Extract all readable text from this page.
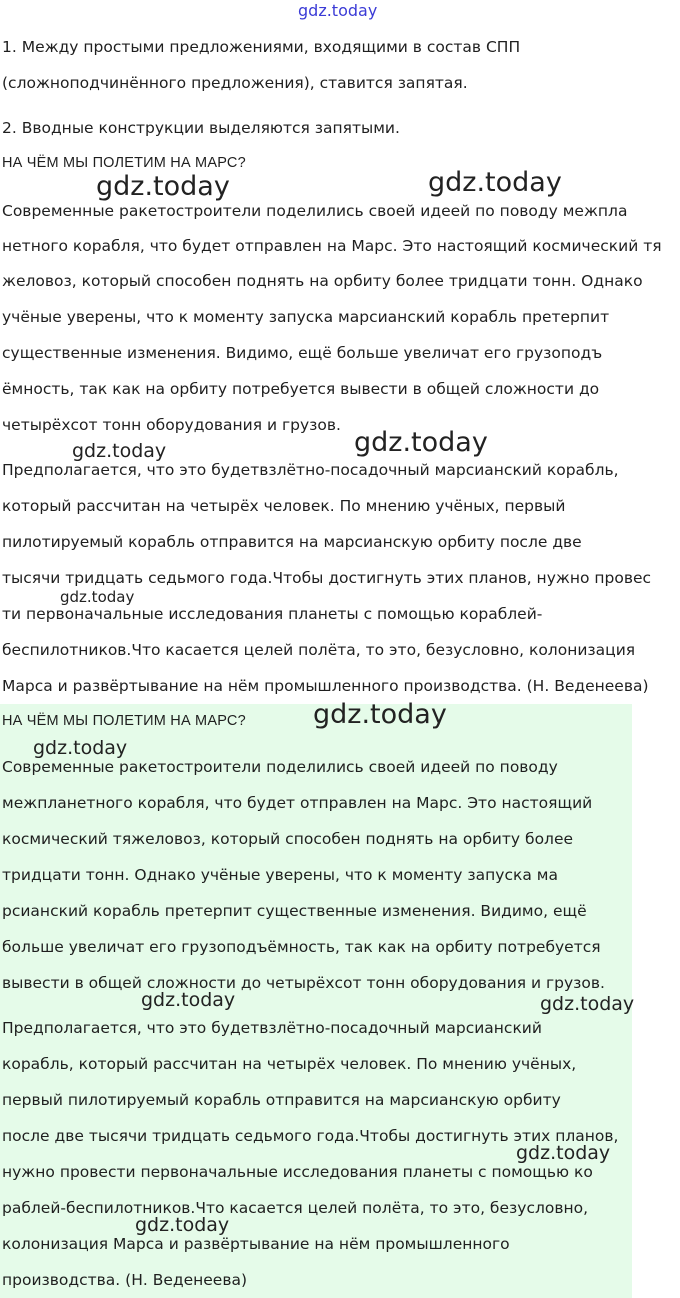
gdz.today
1. Между простыми предложениями, входящими в состав СПП
(сложноподчинённого предложения), ставится запятая.
2. Вводные конструкции выделяются запятыми.
НА ЧЁМ МЫ ПОЛЕТИМ НА МАРС?
Современные ракетостроители поделились своей идеей по поводу межпла
нетного корабля, что будет отправлен на Марс. Это настоящий космический тя
желовоз, который способен поднять на орбиту более тридцати тонн. Однако
учёные уверены, что к моменту запуска марсианский корабль претерпит
существенные изменения. Видимо, ещё больше увеличат его грузоподъ
ёмность, так как на орбиту потребуется вывести в общей сложности до
четырёхсот тонн оборудования и грузов.
Предполагается, что это будетвзлётно-посадочный марсианский корабль,
который рассчитан на четырёх человек. По мнению учёных, первый
пилотируемый корабль отправится на марсианскую орбиту после две
тысячи тридцать седьмого года.Чтобы достигнуть этих планов, нужно провес
ти первоначальные исследования планеты с помощью кораблей-
беспилотников.Что касается целей полёта, то это, безусловно, колонизация
Марса и развёртывание на нём промышленного производства. (Н. Веденеева)
НА ЧЁМ МЫ ПОЛЕТИМ НА МАРС?
Современные ракетостроители поделились своей идеей по поводу
межпланетного корабля, что будет отправлен на Марс. Это настоящий
космический тяжеловоз, который способен поднять на орбиту более
тридцати тонн. Однако учёные уверены, что к моменту запуска ма
рсианский корабль претерпит существенные изменения. Видимо, ещё
больше увеличат его грузоподъёмность, так как на орбиту потребуется
вывести в общей сложности до четырёхсот тонн оборудования и грузов.
Предполагается, что это будетвзлётно-посадочный марсианский
корабль, который рассчитан на четырёх человек. По мнению учёных,
первый пилотируемый корабль отправится на марсианскую орбиту
после две тысячи тридцать седьмого года.Чтобы достигнуть этих планов,
нужно провести первоначальные исследования планеты с помощью ко
раблей-беспилотников.Что касается целей полёта, то это, безусловно,
колонизация Марса и развёртывание на нём промышленного
производства. (Н. Веденеева)
gdz.today	gdz.today
gdz.today	gdz.today
gdz.today
gdz.today
gdz.today
gdz.today	gdz.today
gdz.today
gdz.today
